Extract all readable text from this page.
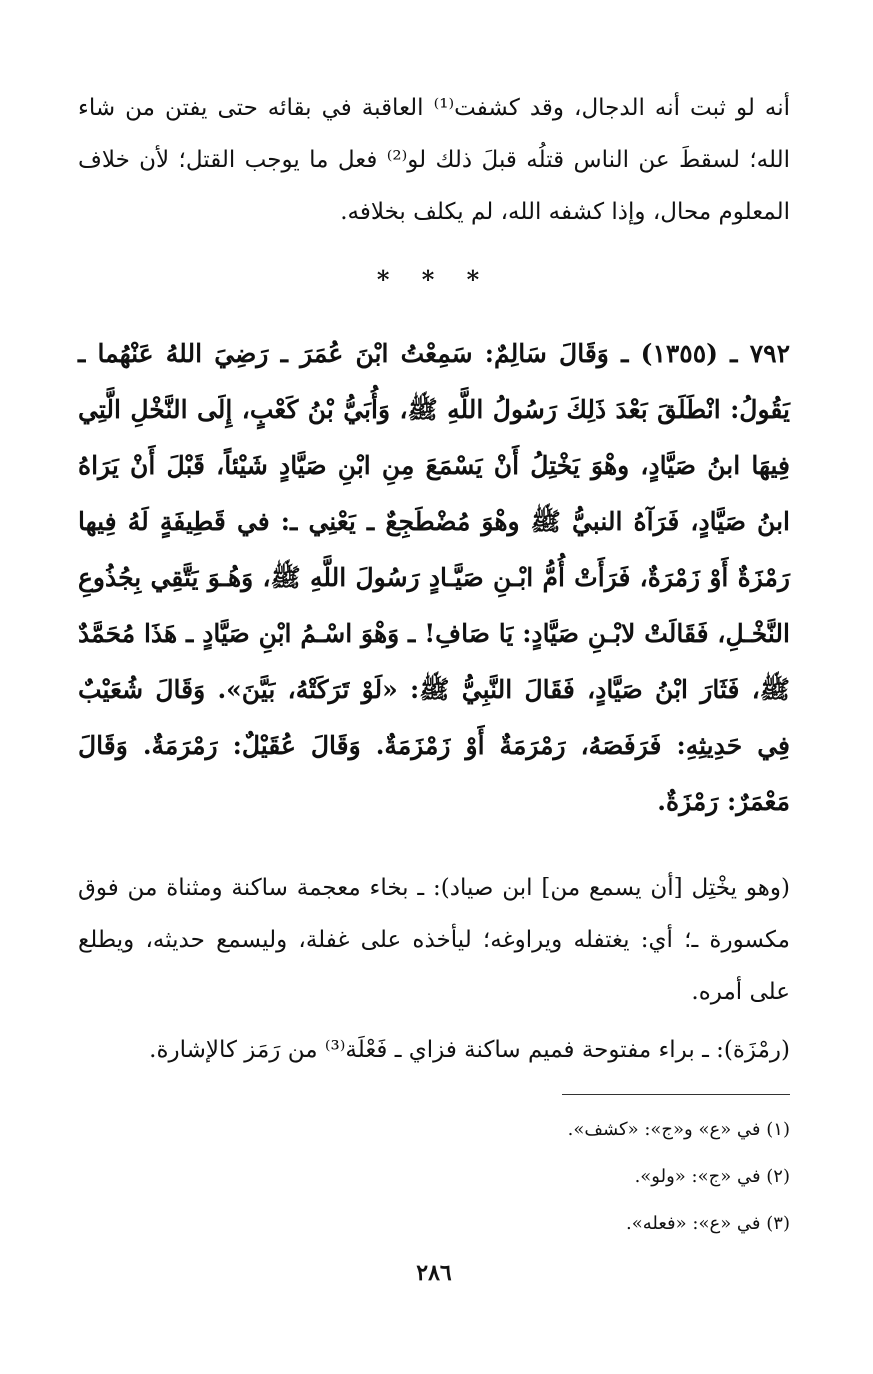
أنه لو ثبت أنه الدجال، وقد كشفت⁽¹⁾ العاقبة في بقائه حتى يفتن من شاء الله؛ لسقطَ عن الناس قتلُه قبلَ ذلك لو⁽²⁾ فعل ما يوجب القتل؛ لأن خلاف المعلوم محال، وإذا كشفه الله، لم يكلف بخلافه.

* * *

٧٩٢ ـ (١٣٥٥) ـ وَقَالَ سَالِمٌ: سَمِعْتُ ابْنَ عُمَرَ ـ رَضِيَ اللهُ عَنْهُما ـ يَقُولُ: انْطَلَقَ بَعْدَ ذَلِكَ رَسُولُ اللَّهِ ﷺ، وَأُبَيُّ بْنُ كَعْبٍ، إِلَى النَّخْلِ الَّتِي فِيهَا ابنُ صَيَّادٍ، وهْوَ يَخْتِلُ أَنْ يَسْمَعَ مِنِ ابْنِ صَيَّادٍ شَيْئاً، قَبْلَ أَنْ يَرَاهُ ابنُ صَيَّادٍ، فَرَآهُ النبيُّ ﷺ وهْوَ مُضْطَجِعٌ ـ يَعْنِي ـ: في قَطِيفَةٍ لَهُ فِيها رَمْزَةٌ أَوْ زَمْرَةٌ، فَرَأَتْ أُمُّ ابْـنِ صَيَّـادٍ رَسُولَ اللَّهِ ﷺ، وَهُـوَ يَتَّقِي بِجُذُوعِ النَّخْـلِ، فَقَالَتْ لابْـنِ صَيَّادٍ: يَا صَافِ! ـ وَهْوَ اسْـمُ ابْنِ صَيَّادٍ ـ هَذَا مُحَمَّدٌ ﷺ، فَثَارَ ابْنُ صَيَّادٍ، فَقَالَ النَّبِيُّ ﷺ: «لَوْ تَرَكَتْهُ، بَيَّنَ». وَقَالَ شُعَيْبٌ فِي حَدِيثِهِ: فَرَفَصَهُ، رَمْرَمَةٌ أَوْ زَمْزَمَةٌ. وَقَالَ عُقَيْلٌ: رَمْرَمَةٌ. وَقَالَ مَعْمَرٌ: رَمْزَةٌ.

(وهو يخْتِل [أن يسمع من] ابن صياد): ـ بخاء معجمة ساكنة ومثناة من فوق مكسورة ـ؛ أي: يغتفله ويراوغه؛ ليأخذه على غفلة، وليسمع حديثه، ويطلع على أمره.

(رمْزَة): ـ براء مفتوحة فميم ساكنة فزاي ـ فَعْلَة⁽³⁾ من رَمَز كالإشارة.

(١) في «ع» و«ج»: «كشف».

(٢) في «ج»: «ولو».

(٣) في «ع»: «فعله».

٢٨٦
